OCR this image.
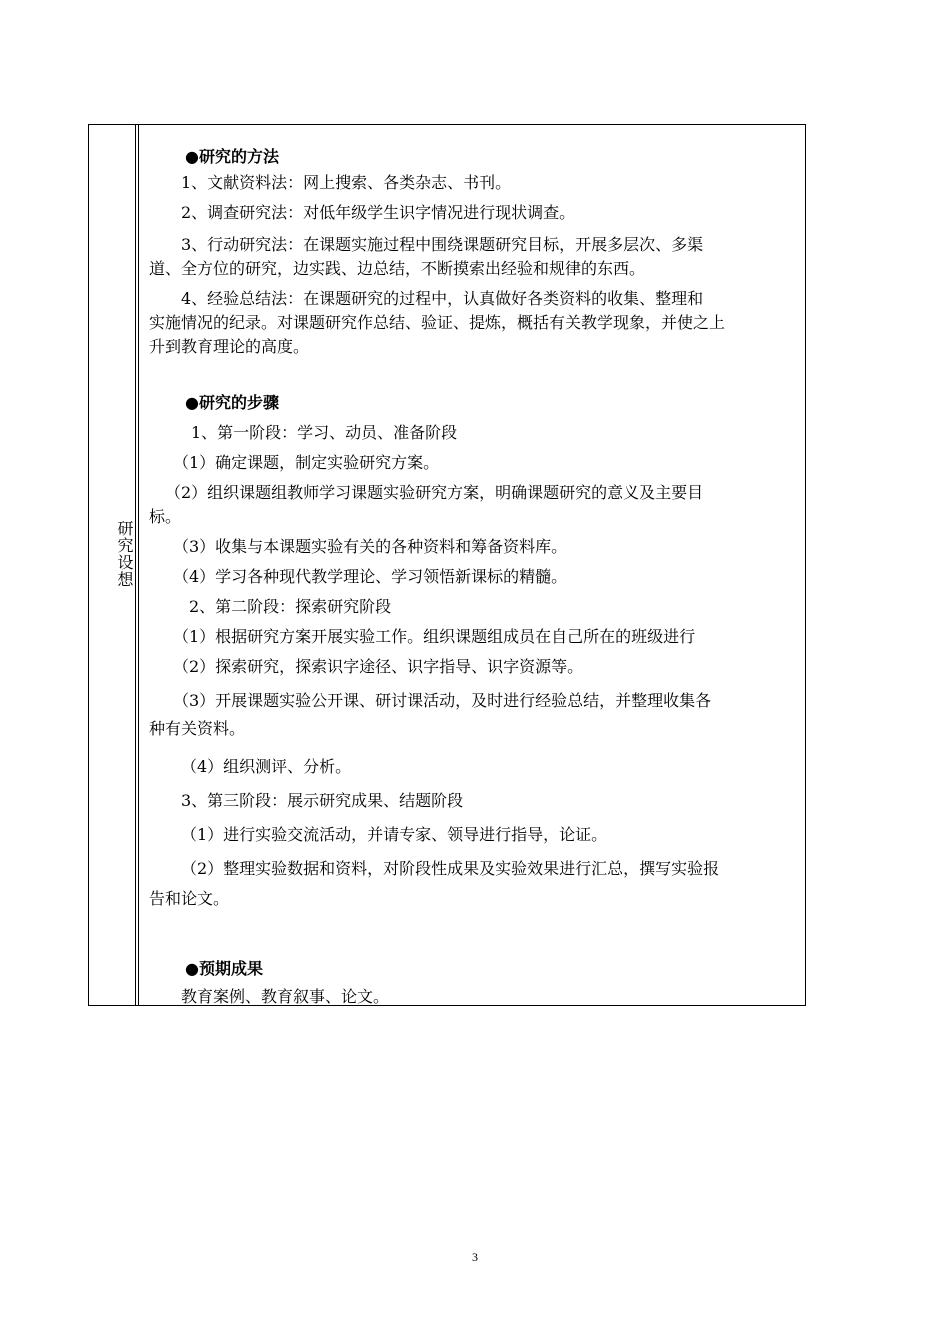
研究设想
●研究的方法
1、文献资料法：网上搜索、各类杂志、书刊。
2、调查研究法：对低年级学生识字情况进行现状调查。
3、行动研究法：在课题实施过程中围绕课题研究目标，开展多层次、多渠
道、全方位的研究，边实践、边总结，不断摸索出经验和规律的东西。
4、经验总结法：在课题研究的过程中，认真做好各类资料的收集、整理和
实施情况的纪录。对课题研究作总结、验证、提炼，概括有关教学现象，并使之上
升到教育理论的高度。
●研究的步骤
1、第一阶段：学习、动员、准备阶段
（1）确定课题，制定实验研究方案。
（2）组织课题组教师学习课题实验研究方案，明确课题研究的意义及主要目
标。
（3）收集与本课题实验有关的各种资料和筹备资料库。
（4）学习各种现代教学理论、学习领悟新课标的精髓。
2、第二阶段：探索研究阶段
（1）根据研究方案开展实验工作。组织课题组成员在自己所在的班级进行
（2）探索研究，探索识字途径、识字指导、识字资源等。
（3）开展课题实验公开课、研讨课活动，及时进行经验总结，并整理收集各
种有关资料。
（4）组织测评、分析。
3、第三阶段：展示研究成果、结题阶段
（1）进行实验交流活动，并请专家、领导进行指导，论证。
（2）整理实验数据和资料，对阶段性成果及实验效果进行汇总，撰写实验报
告和论文。
●预期成果
教育案例、教育叙事、论文。
3
